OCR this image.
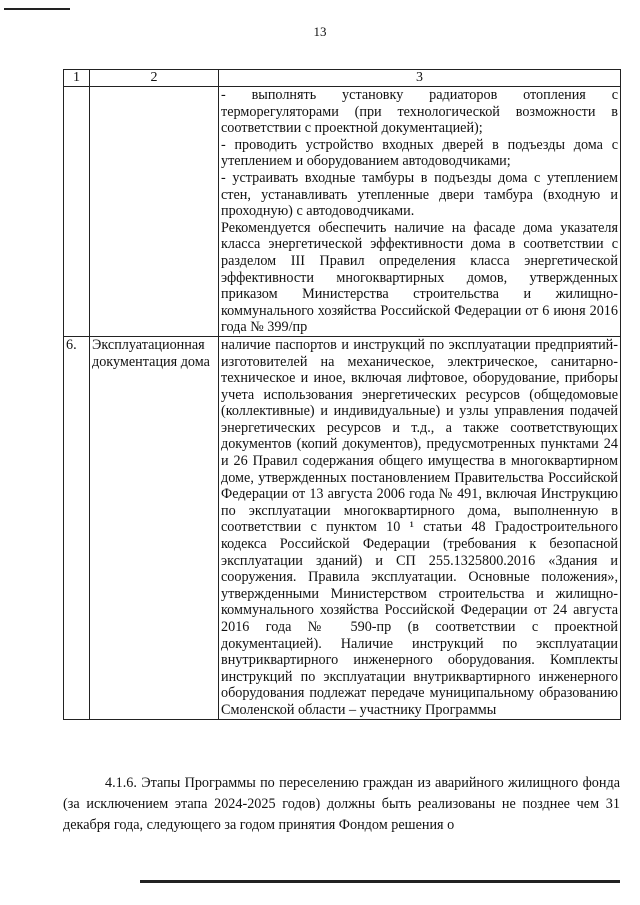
13
1	2	3

		- выполнять установку радиаторов отопления с терморегуляторами (при технологической возможности в соответствии с проектной документацией);

- проводить устройство входных дверей в подъезды дома с утеплением и оборудованием автодоводчиками;

- устраивать входные тамбуры в подъезды дома с утеплением стен, устанавливать утепленные двери тамбура (входную и проходную) с автодоводчиками.

Рекомендуется обеспечить наличие на фасаде дома указателя класса энергетической эффективности дома в соответствии с разделом III Правил определения класса энергетической эффективности многоквартирных домов, утвержденных приказом Министерства строительства и жилищно-коммунального хозяйства Российской Федерации от 6 июня 2016 года № 399/пр

6.	Эксплуатационная документация дома	наличие паспортов и инструкций по эксплуатации предприятий-изготовителей на механическое, электрическое, санитарно-техническое и иное, включая лифтовое, оборудование, приборы учета использования энергетических ресурсов (общедомовые (коллективные) и индивидуальные) и узлы управления подачей энергетических ресурсов и т.д., а также соответствующих документов (копий документов), предусмотренных пунктами 24 и 26 Правил содержания общего имущества в многоквартирном доме, утвержденных постановлением Правительства Российской Федерации от 13 августа 2006 года № 491, включая Инструкцию по эксплуатации многоквартирного дома, выполненную в соответствии с пунктом 10 ¹ статьи 48 Градостроительного кодекса Российской Федерации (требования к безопасной эксплуатации зданий) и СП 255.1325800.2016 «Здания и сооружения. Правила эксплуатации. Основные положения», утвержденными Министерством строительства и жилищно-коммунального хозяйства Российской Федерации от 24 августа 2016 года № 590-пр (в соответствии с проектной документацией). Наличие инструкций по эксплуатации внутриквартирного инженерного оборудования. Комплекты инструкций по эксплуатации внутриквартирного инженерного оборудования подлежат передаче муниципальному образованию Смоленской области – участнику Программы

4.1.6. Этапы Программы по переселению граждан из аварийного жилищного фонда (за исключением этапа 2024-2025 годов) должны быть реализованы не позднее чем 31 декабря года, следующего за годом принятия Фондом решения о
